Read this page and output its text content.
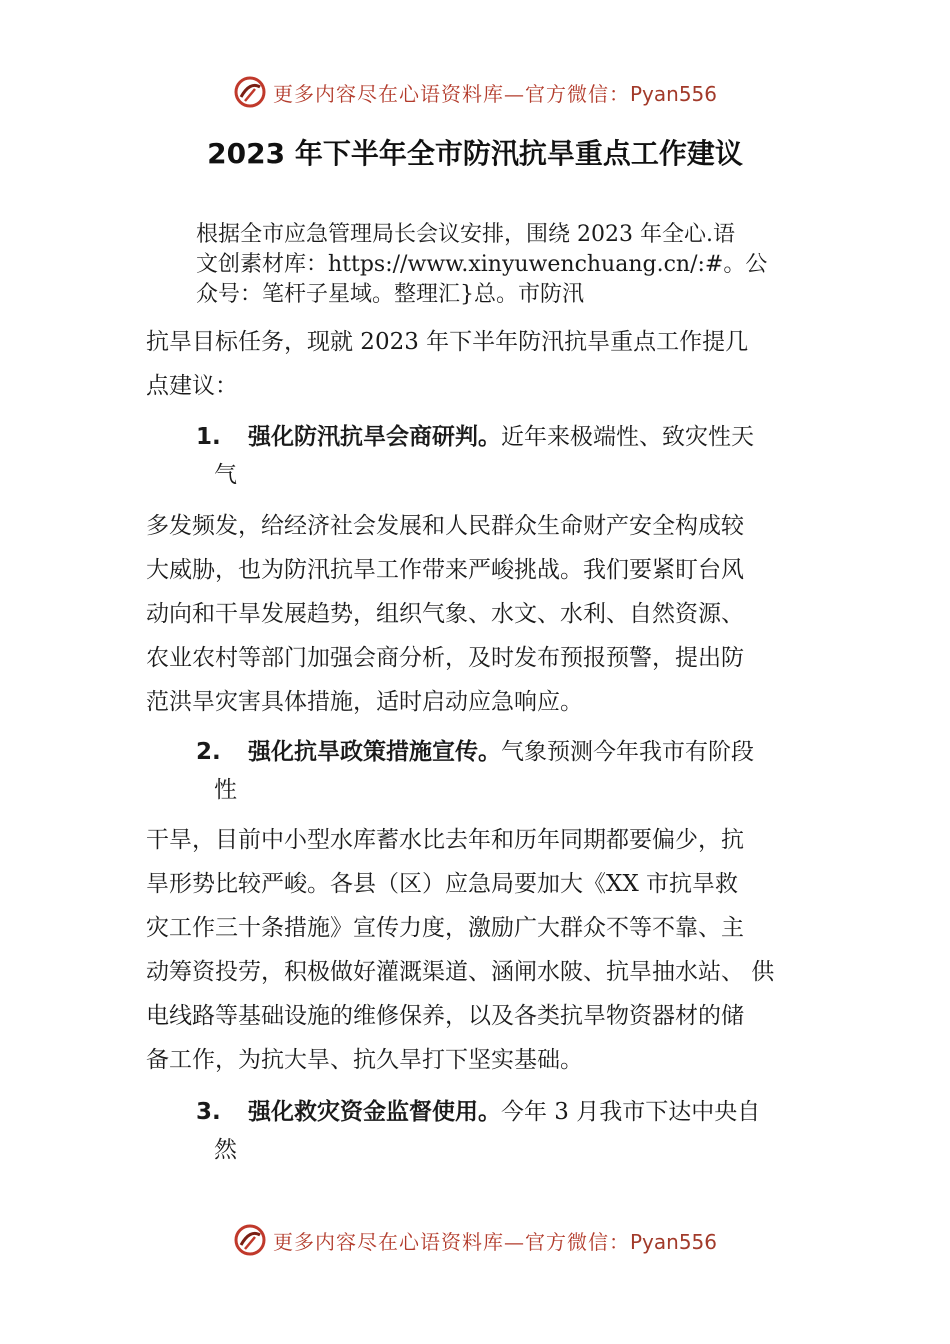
更多内容尽在心语资料库—官方微信：Pyan556
2023 年下半年全市防汛抗旱重点工作建议
根据全市应急管理局长会议安排，围绕 2023 年全心.语
文创素材库：https://www.xinyuwenchuang.cn/:#。公
众号：笔杆子星域。整理汇}总。市防汛
抗旱目标任务，现就 2023 年下半年防汛抗旱重点工作提几
点建议：
1. 强化防汛抗旱会商研判。近年来极端性、致灾性天
气
多发频发，给经济社会发展和人民群众生命财产安全构成较
大威胁，也为防汛抗旱工作带来严峻挑战。我们要紧盯台风
动向和干旱发展趋势，组织气象、水文、水利、自然资源、
农业农村等部门加强会商分析，及时发布预报预警，提出防
范洪旱灾害具体措施，适时启动应急响应。
2. 强化抗旱政策措施宣传。气象预测今年我市有阶段
性
干旱，目前中小型水库蓄水比去年和历年同期都要偏少，抗
旱形势比较严峻。各县（区）应急局要加大《XX 市抗旱救
灾工作三十条措施》宣传力度，激励广大群众不等不靠、主
动筹资投劳，积极做好灌溉渠道、涵闸水陂、抗旱抽水站、 供
电线路等基础设施的维修保养，以及各类抗旱物资器材的储
备工作，为抗大旱、抗久旱打下坚实基础。
3. 强化救灾资金监督使用。今年 3 月我市下达中央自
然
更多内容尽在心语资料库—官方微信：Pyan556
